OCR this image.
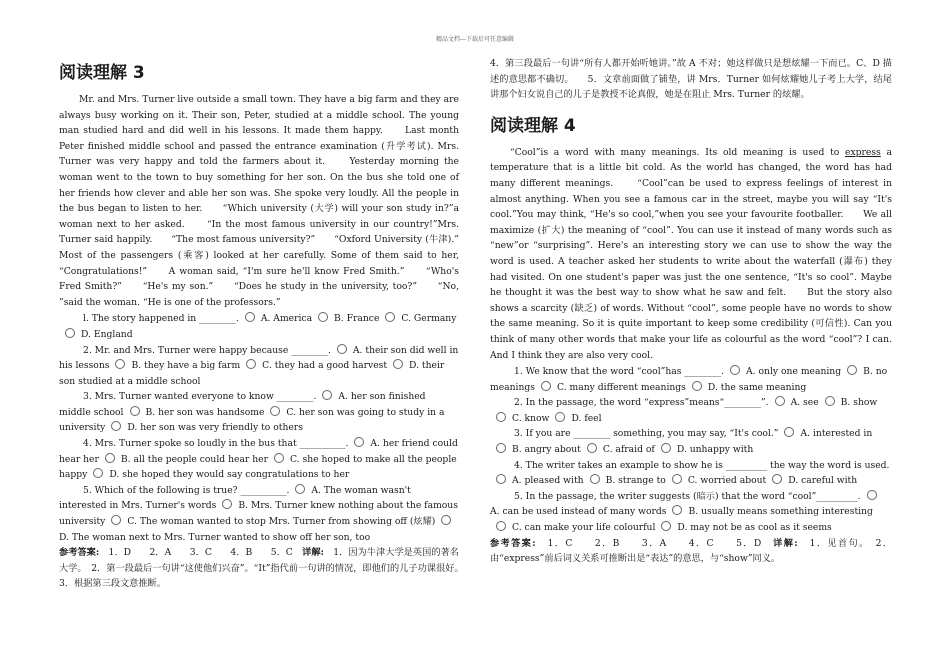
精品文档---下载后可任意编辑
阅读理解 3

Mr. and Mrs. Turner live outside a small town. They have a big farm and they are always busy working on it. Their son, Peter, studied at a middle school. The young man studied hard and did well in his lessons. It made them happy.　　Last month Peter finished middle school and passed the entrance examination (升学考试). Mrs. Turner was very happy and told the farmers about it.　　Yesterday morning the woman went to the town to buy something for her son. On the bus she told one of her friends how clever and able her son was. She spoke very loudly. All the people in the bus began to listen to her.　　“Which university (大学) will your son study in?”a woman next to her asked.　　“In the most famous university in our country!”Mrs. Turner said happily.　　“The most famous university?”　　“Oxford University (牛津).”　　Most of the passengers (乘客) looked at her carefully. Some of them said to her, “Congratulations!”　　A woman said, “I'm sure he'll know Fred Smith.”　　“Who's Fred Smith?”　　“He's my son.”　　“Does he study in the university, too?”　　“No, ”said the woman. “He is one of the professors.”

l. The story happened in ________. A. America B. France C. GermanyD. England

2. Mr. and Mrs. Turner were happy because ________. A. their son did well in his lessons B. they have a big farm C. they had a good harvest D. their son studied at a middle school

3. Mrs. Turner wanted everyone to know ________. A. her son finished middle school B. her son was handsome C. her son was going to study in a university D. her son was very friendly to others

4. Mrs. Turner spoke so loudly in the bus that __________. A. her friend could hear her B. all the people could hear her C. she hoped to make all the people happy D. she hoped they would say congratulations to her

5. Which of the following is true? __________. A. The woman wasn't interested in Mrs. Turner's words B. Mrs. Turner knew nothing about the famous university C. The woman wanted to stop Mrs. Turner from showing off (炫耀)D. The woman next to Mrs. Turner wanted to show off her son, too

参考答案:　1．D　　2．A　　3．C　　4．B　　5．C　 详解:　1．因为牛津大学是英国的著名大学。　2．第一段最后一句讲“这使他们兴奋”。“It”指代前一句讲的情况，即他们的儿子功课很好。　3．根据第三段文意推断。

4．第三段最后一句讲“所有人都开始听她讲。”故 A 不对；她这样做只是想炫耀一下而已。C、D 描述的意思都不确切。　　5．文章前面做了铺垫，讲 Mrs．Turner 如何炫耀她儿子考上大学，结尾讲那个妇女说自己的儿子是教授不论真假，她是在阻止 Mrs. Turner 的炫耀。

阅读理解 4

“Cool”is a word with many meanings. Its old meaning is used to express a temperature that is a little bit cold. As the world has changed, the word has had many different meanings.　　“Cool”can be used to express feelings of interest in almost anything. When you see a famous car in the street, maybe you will say “It's cool.”You may think, “He's so cool,”when you see your favourite footballer.　　We all maximize (扩大) the meaning of “cool”. You can use it instead of many words such as “new”or “surprising”. Here's an interesting story we can use to show the way the word is used. A teacher asked her students to write about the waterfall (瀑布) they had visited. On one student's paper was just the one sentence, “It's so cool”. Maybe he thought it was the best way to show what he saw and felt.　　But the story also shows a scarcity (缺乏) of words. Without “cool”, some people have no words to show the same meaning. So it is quite important to keep some credibility (可信性). Can you think of many other words that make your life as colourful as the word “cool”? I can. And I think they are also very cool.

1. We know that the word “cool”has ________. A. only one meaning B. no meanings C. many different meanings D. the same meaning

2. In the passage, the word “express”means“________”. A. see B. showC. know D. feel

3. If you are ________ something, you may say, “It's cool.” A. interested inB. angry about C. afraid of D. unhappy with

4. The writer takes an example to show he is _________ the way the word is used.A. pleased with B. strange to C. worried about D. careful with

5. In the passage, the writer suggests (暗示) that the word “cool”_________.A. can be used instead of many words B. usually means something interestingC. can make your life colourful D. may not be as cool as it seems

参考答案:　1．C　　2．B　　3．A　　4．C　　5．D　 详解:　1．见首句。　2．由“express”前后词义关系可推断出是“表达”的意思，与“show”同义。
